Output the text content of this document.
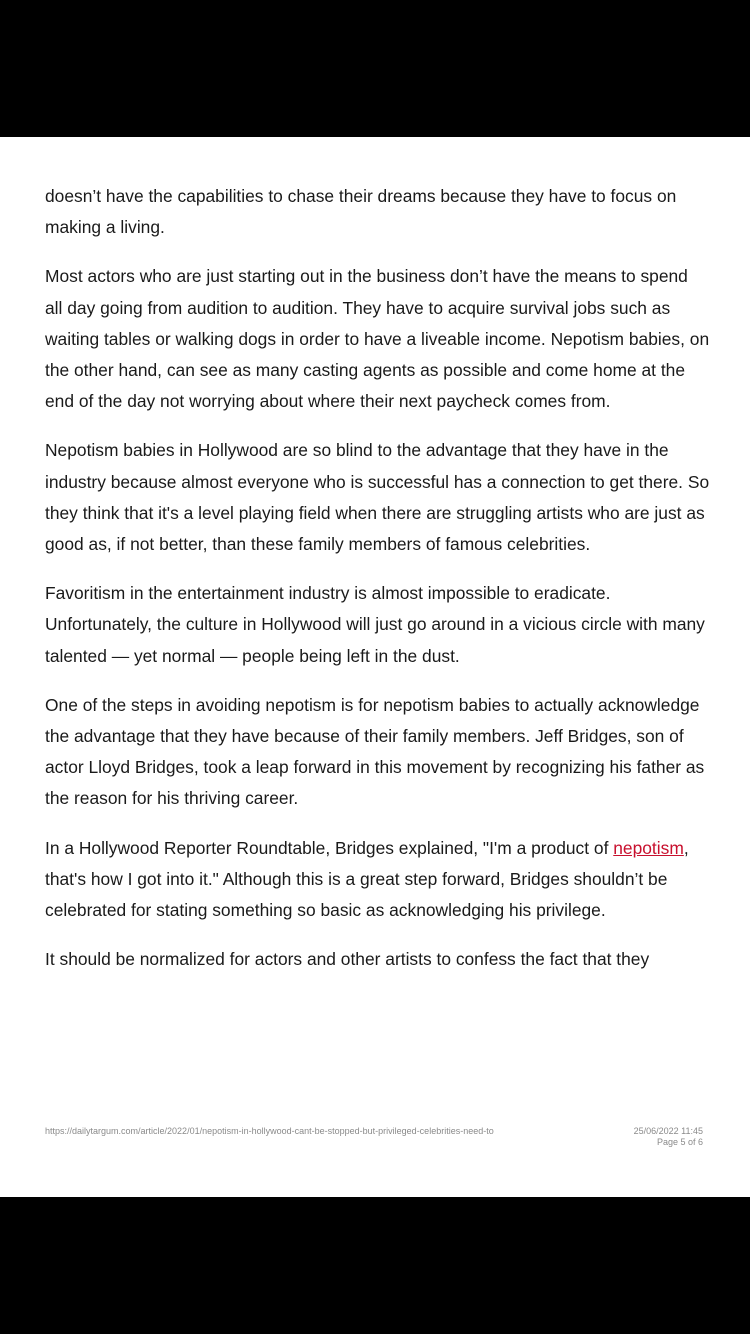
doesn’t have the capabilities to chase their dreams because they have to focus on making a living.

Most actors who are just starting out in the business don’t have the means to spend all day going from audition to audition. They have to acquire survival jobs such as waiting tables or walking dogs in order to have a liveable income. Nepotism babies, on the other hand, can see as many casting agents as possible and come home at the end of the day not worrying about where their next paycheck comes from.

Nepotism babies in Hollywood are so blind to the advantage that they have in the industry because almost everyone who is successful has a connection to get there. So they think that it's a level playing field when there are struggling artists who are just as good as, if not better, than these family members of famous celebrities.

Favoritism in the entertainment industry is almost impossible to eradicate. Unfortunately, the culture in Hollywood will just go around in a vicious circle with many talented — yet normal — people being left in the dust.

One of the steps in avoiding nepotism is for nepotism babies to actually acknowledge the advantage that they have because of their family members. Jeff Bridges, son of actor Lloyd Bridges, took a leap forward in this movement by recognizing his father as the reason for his thriving career.

In a Hollywood Reporter Roundtable, Bridges explained, "I'm a product of nepotism, that's how I got into it." Although this is a great step forward, Bridges shouldn’t be celebrated for stating something so basic as acknowledging his privilege.

It should be normalized for actors and other artists to confess the fact that they

https://dailytargum.com/article/2022/01/nepotism-in-hollywood-cant-be-stopped-but-privileged-celebrities-need-to	25/06/2022 11:45
Page 5 of 6
